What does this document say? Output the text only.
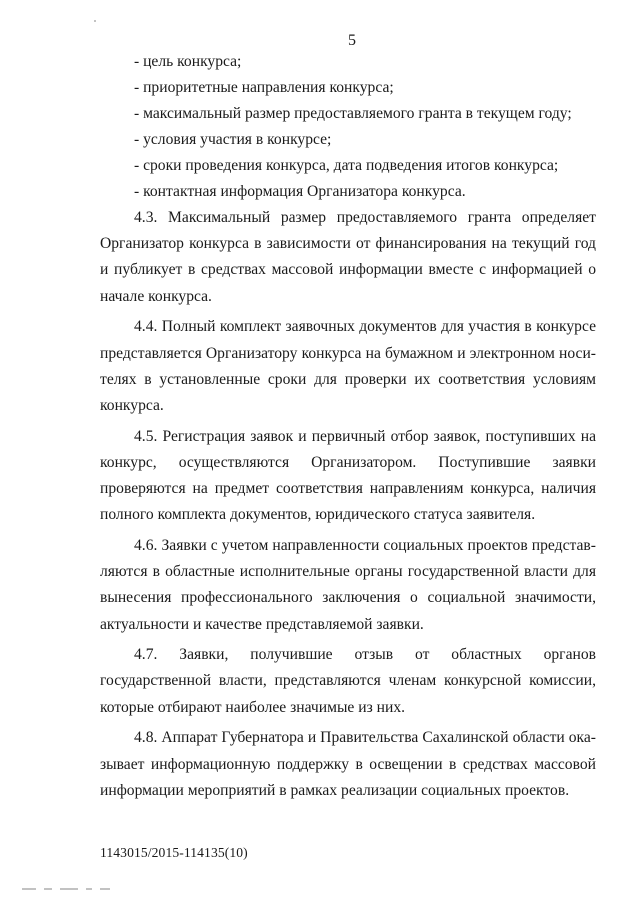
5
- цель конкурса;
- приоритетные направления конкурса;
- максимальный размер предоставляемого гранта в текущем году;
- условия участия в конкурсе;
- сроки проведения конкурса, дата подведения итогов конкурса;
- контактная информация Организатора конкурса.

4.3. Максимальный размер предоставляемого гранта определяет Организатор конкурса в зависимости от финансирования на текущий год и публикует в средствах массовой информации вместе с информацией о начале конкурса.

4.4. Полный комплект заявочных документов для участия в конкурсе представляется Организатору конкурса на бумажном и электронном носителях в установленные сроки для проверки их соответствия условиям конкурса.

4.5. Регистрация заявок и первичный отбор заявок, поступивших на конкурс, осуществляются Организатором. Поступившие заявки проверяются на предмет соответствия направлениям конкурса, наличия полного комплекта документов, юридического статуса заявителя.

4.6. Заявки с учетом направленности социальных проектов представляются в областные исполнительные органы государственной власти для вынесения профессионального заключения о социальной значимости, актуальности и качестве представляемой заявки.

4.7. Заявки, получившие отзыв от областных органов государственной власти, представляются членам конкурсной комиссии, которые отбирают наиболее значимые из них.

4.8. Аппарат Губернатора и Правительства Сахалинской области оказывает информационную поддержку в освещении в средствах массовой информации мероприятий в рамках реализации социальных проектов.

1143015/2015-114135(10)
